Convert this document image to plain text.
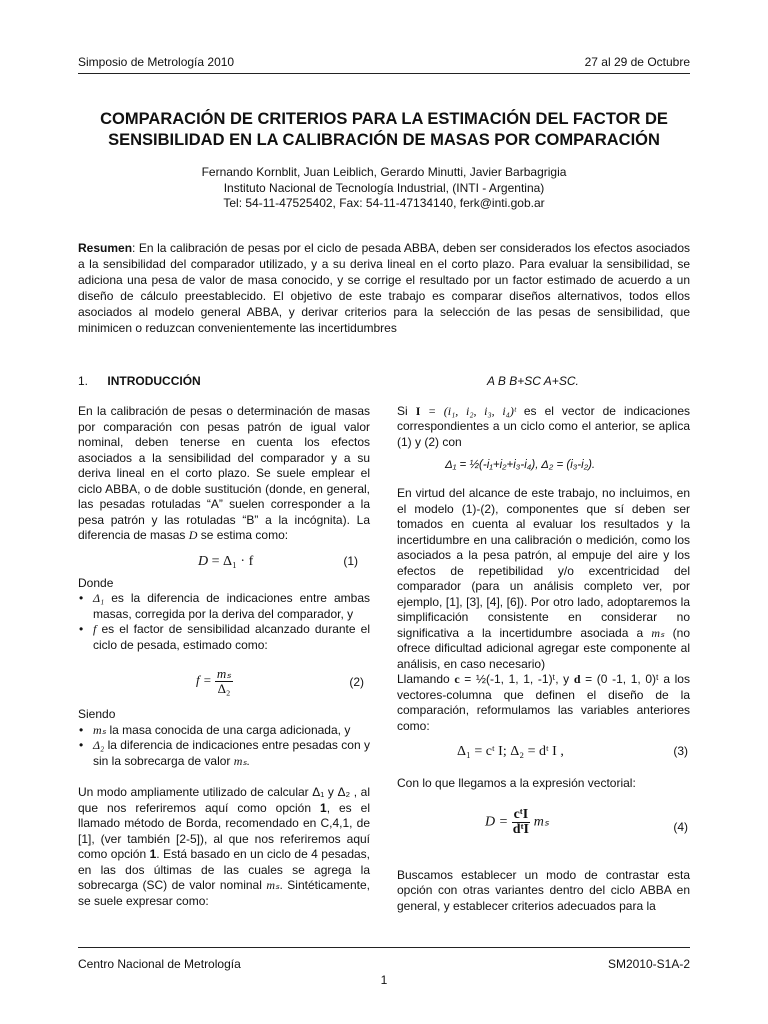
Simposio de Metrología 2010	27 al 29 de Octubre
COMPARACIÓN DE CRITERIOS PARA LA ESTIMACIÓN DEL FACTOR DE
SENSIBILIDAD EN LA CALIBRACIÓN DE MASAS POR COMPARACIÓN
Fernando Kornblit, Juan Leiblich, Gerardo Minutti, Javier Barbagrigia
Instituto Nacional de Tecnología Industrial, (INTI - Argentina)
Tel: 54-11-47525402, Fax: 54-11-47134140, ferk@inti.gob.ar
Resumen: En la calibración de pesas por el ciclo de pesada ABBA, deben ser considerados los efectos asociados a la sensibilidad del comparador utilizado, y a su deriva lineal en el corto plazo. Para evaluar la sensibilidad, se adiciona una pesa de valor de masa conocido, y se corrige el resultado por un factor estimado de acuerdo a un diseño de cálculo preestablecido. El objetivo de este trabajo es comparar diseños alternativos, todos ellos asociados al modelo general ABBA, y derivar criterios para la selección de las pesas de sensibilidad, que minimicen o reduzcan convenientemente las incertidumbres
1. INTRODUCCIÓN

En la calibración de pesas o determinación de masas por comparación con pesas patrón de igual valor nominal, deben tenerse en cuenta los efectos asociados a la sensibilidad del comparador y a su deriva lineal en el corto plazo. Se suele emplear el ciclo ABBA, o de doble sustitución (donde, en general, las pesadas rotuladas “A” suelen corresponder a la pesa patrón y las rotuladas “B” a la incógnita). La diferencia de masas D se estima como:

D = Δ₁ · f	(1)

Donde

• Δ₁ es la diferencia de indicaciones entre ambas masas, corregida por la deriva del comparador, y
• f es el factor de sensibilidad alcanzado durante el ciclo de pesada, estimado como:
$f = \frac{\text{mₛ}}{\text{Δ₂}}$	(2)

Siendo

• mₛ la masa conocida de una carga adicionada, y
• Δ₂ la diferencia de indicaciones entre pesadas con y sin la sobrecarga de valor mₛ.

Un modo ampliamente utilizado de calcular Δ₁ y Δ₂ , al que nos referiremos aquí como opción 1, es el llamado método de Borda, recomendado en C,4,1, de [1], (ver también [2-5]), al que nos referiremos aquí como opción 1. Está basado en un ciclo de 4 pesadas, en las dos últimas de las cuales se agrega la sobrecarga (SC) de valor nominal mₛ. Sintéticamente, se suele expresar como:

A B B+SC A+SC.

Si I = (i₁, i₂, i₃, i₄)ᵗ es el vector de indicaciones correspondientes a un ciclo como el anterior, se aplica (1) y (2) con

Δ₁ = ½(-i₁+i₂+i₃-i₄), Δ₂ = (i₃-i₂).

En virtud del alcance de este trabajo, no incluimos, en el modelo (1)-(2), componentes que sí deben ser tomados en cuenta al evaluar los resultados y la incertidumbre en una calibración o medición, como los asociados a la pesa patrón, al empuje del aire y los efectos de repetibilidad y/o excentricidad del comparador (para un análisis completo ver, por ejemplo, [1], [3], [4], [6]). Por otro lado, adoptaremos la simplificación consistente en considerar no significativa a la incertidumbre asociada a mₛ (no ofrece dificultad adicional agregar este componente al análisis, en caso necesario)

Llamando c = ½(-1, 1, 1, -1)ᵗ, y d = (0 -1, 1, 0)ᵗ a los vectores-columna que definen el diseño de la comparación, reformulamos las variables anteriores como:

Δ₁ = cᵗ I; Δ₂ = dᵗ I ,	(3)

Con lo que llegamos a la expresión vectorial:

$D = \frac{\text{cᵗI}}{\text{dᵗI}}$ mₛ	(4)

Buscamos establecer un modo de contrastar esta opción con otras variantes dentro del ciclo ABBA en general, y establecer criterios adecuados para la

Centro Nacional de Metrología	SM2010-S1A-2
1
